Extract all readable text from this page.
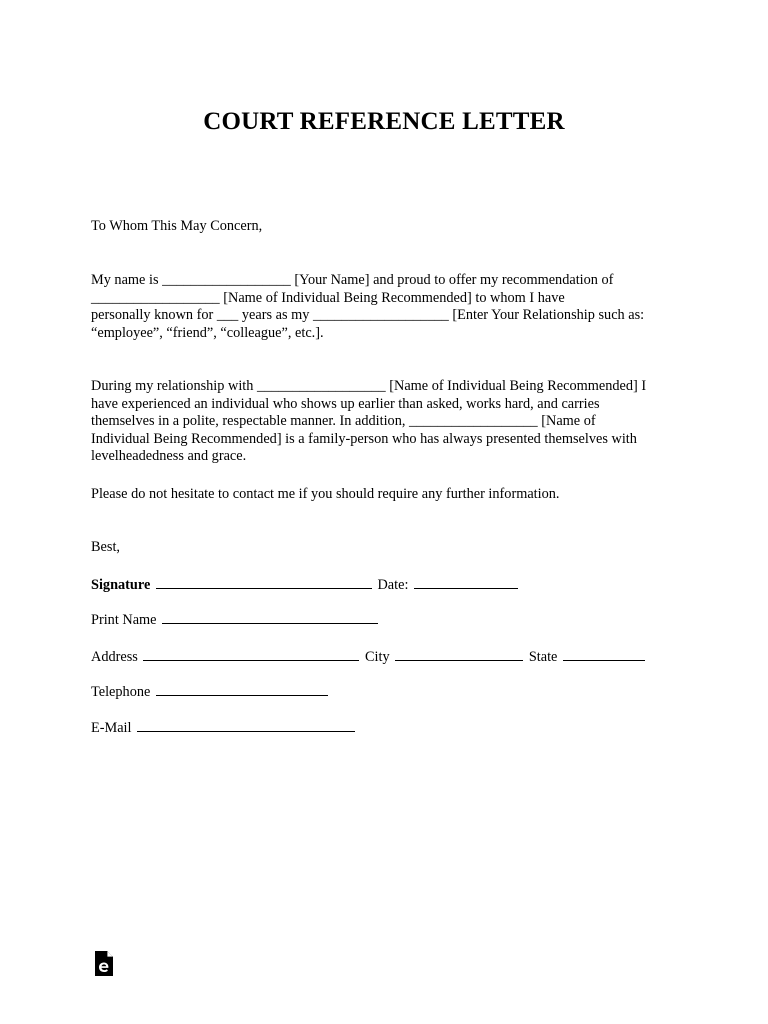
COURT REFERENCE LETTER

To Whom This May Concern,

My name is __________________ [Your Name] and proud to offer my recommendation of
__________________ [Name of Individual Being Recommended] to whom I have
personally known for ___ years as my ___________________ [Enter Your Relationship such as:
“employee”, “friend”, “colleague”, etc.].
During my relationship with __________________ [Name of Individual Being Recommended] I
have experienced an individual who shows up earlier than asked, works hard, and carries
themselves in a polite, respectable manner. In addition, __________________ [Name of
Individual Being Recommended] is a family-person who has always presented themselves with
levelheadedness and grace.

Please do not hesitate to contact me if you should require any further information.

Best,

Signature	Date:
Print Name
Address	City	State
Telephone
E-Mail
